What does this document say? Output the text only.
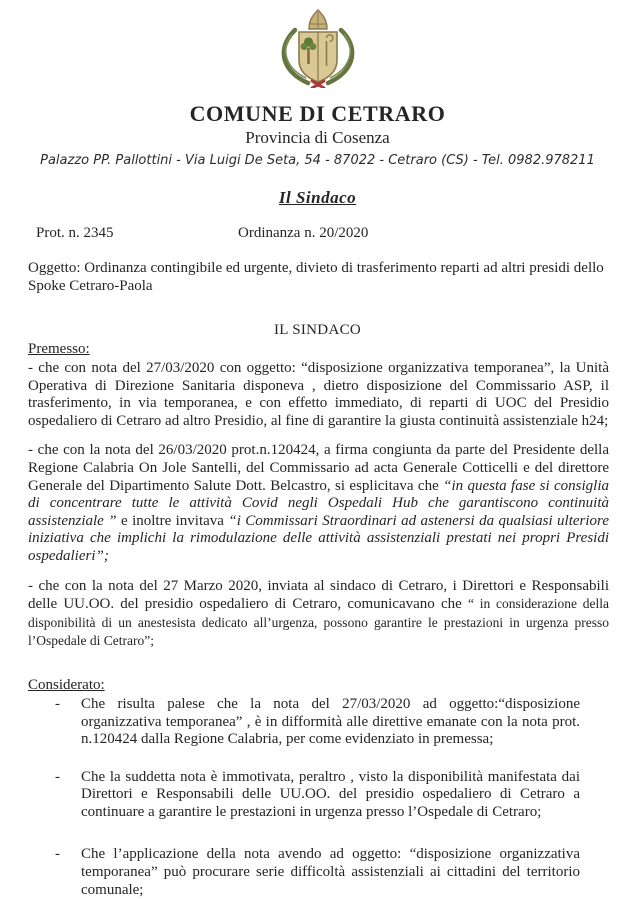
COMUNE DI CETRARO
Provincia di Cosenza
Palazzo PP. Pallottini - Via Luigi De Seta, 54 - 87022 - Cetraro (CS) - Tel. 0982.978211
Il Sindaco
Prot. n. 2345	Ordinanza n. 20/2020
Oggetto: Ordinanza contingibile ed urgente, divieto di trasferimento reparti ad altri presidi dello Spoke Cetraro-Paola
IL SINDACO
Premesso:

- che con nota del 27/03/2020 con oggetto: “disposizione organizzativa temporanea”, la Unità Operativa di Direzione Sanitaria disponeva , dietro disposizione del Commissario ASP, il trasferimento, in via temporanea, e con effetto immediato, di reparti di UOC del Presidio ospedaliero di Cetraro ad altro Presidio, al fine di garantire la giusta continuità assistenziale h24;

- che con la nota del 26/03/2020 prot.n.120424, a firma congiunta da parte del Presidente della Regione Calabria On Jole Santelli, del Commissario ad acta Generale Cotticelli e del direttore Generale del Dipartimento Salute Dott. Belcastro, si esplicitava che “in questa fase si consiglia di concentrare tutte le attività Covid negli Ospedali Hub che garantiscono continuità assistenziale ” e inoltre invitava “i Commissari Straordinari ad astenersi da qualsiasi ulteriore iniziativa che implichi la rimodulazione delle attività assistenziali prestati nei propri Presidi ospedalieri”;

- che con la nota del 27 Marzo 2020, inviata al sindaco di Cetraro, i Direttori e Responsabili delle UU.OO. del presidio ospedaliero di Cetraro, comunicavano che “ in considerazione della disponibilità di un anestesista dedicato all’urgenza, possono garantire le prestazioni in urgenza presso l’Ospedale di Cetraro”;

Considerato:
-	Che risulta palese che la nota del 27/03/2020 ad oggetto:“disposizione organizzativa temporanea” , è in difformità alle direttive emanate con la nota prot. n.120424 dalla Regione Calabria, per come evidenziato in premessa;
-	Che la suddetta nota è immotivata, peraltro , visto la disponibilità manifestata dai Direttori e Responsabili delle UU.OO. del presidio ospedaliero di Cetraro a continuare a garantire le prestazioni in urgenza presso l’Ospedale di Cetraro;
-	Che l’applicazione della nota avendo ad oggetto: “disposizione organizzativa temporanea” può procurare serie difficoltà assistenziali ai cittadini del territorio comunale;
